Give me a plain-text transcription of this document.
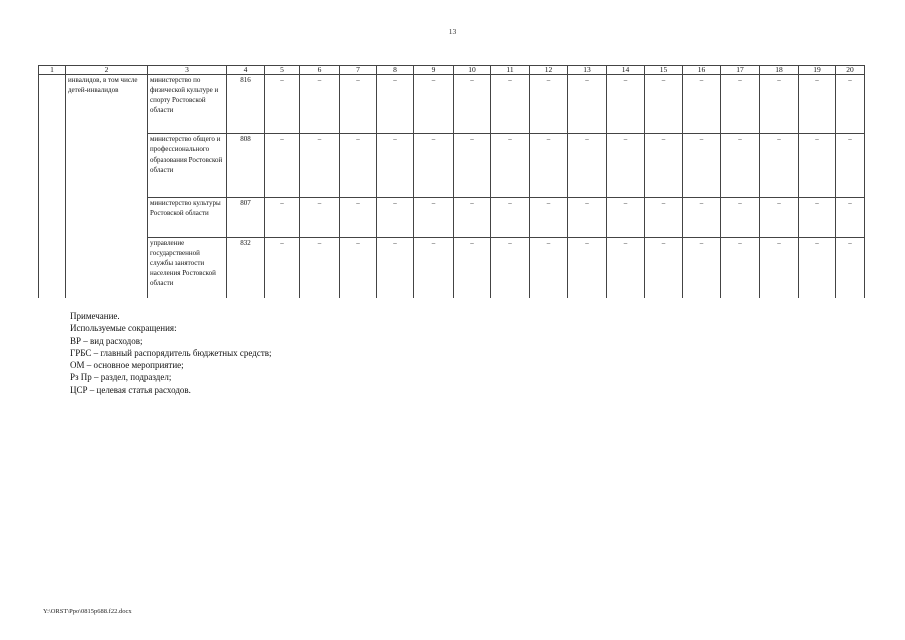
13
1	2	3	4	5	6	7	8	9	10	11	12	13	14	15	16	17	18	19	20
	инвалидов, в том числе детей-инвалидов	министерство по физической культуре и спорту Ростовской области	816	–	–	–	–	–	–	–	–	–	–	–	–	–	–	–	–
		министерство общего и профессионального образования Ростовской области	808	–	–	–	–	–	–	–	–	–	–	–	–	–	–	–	–
		министерство культуры Ростовской области	807	–	–	–	–	–	–	–	–	–	–	–	–	–	–	–	–
		управление государственной службы занятости населения Ростовской области	832	–	–	–	–	–	–	–	–	–	–	–	–	–	–	–	–
Примечание.
Используемые сокращения:
ВР – вид расходов;
ГРБС – главный распорядитель бюджетных средств;
ОМ – основное мероприятие;
Рз Пр – раздел, подраздел;
ЦСР – целевая статья расходов.
Y:\ORST\Ppo\0815p688.f22.docx
